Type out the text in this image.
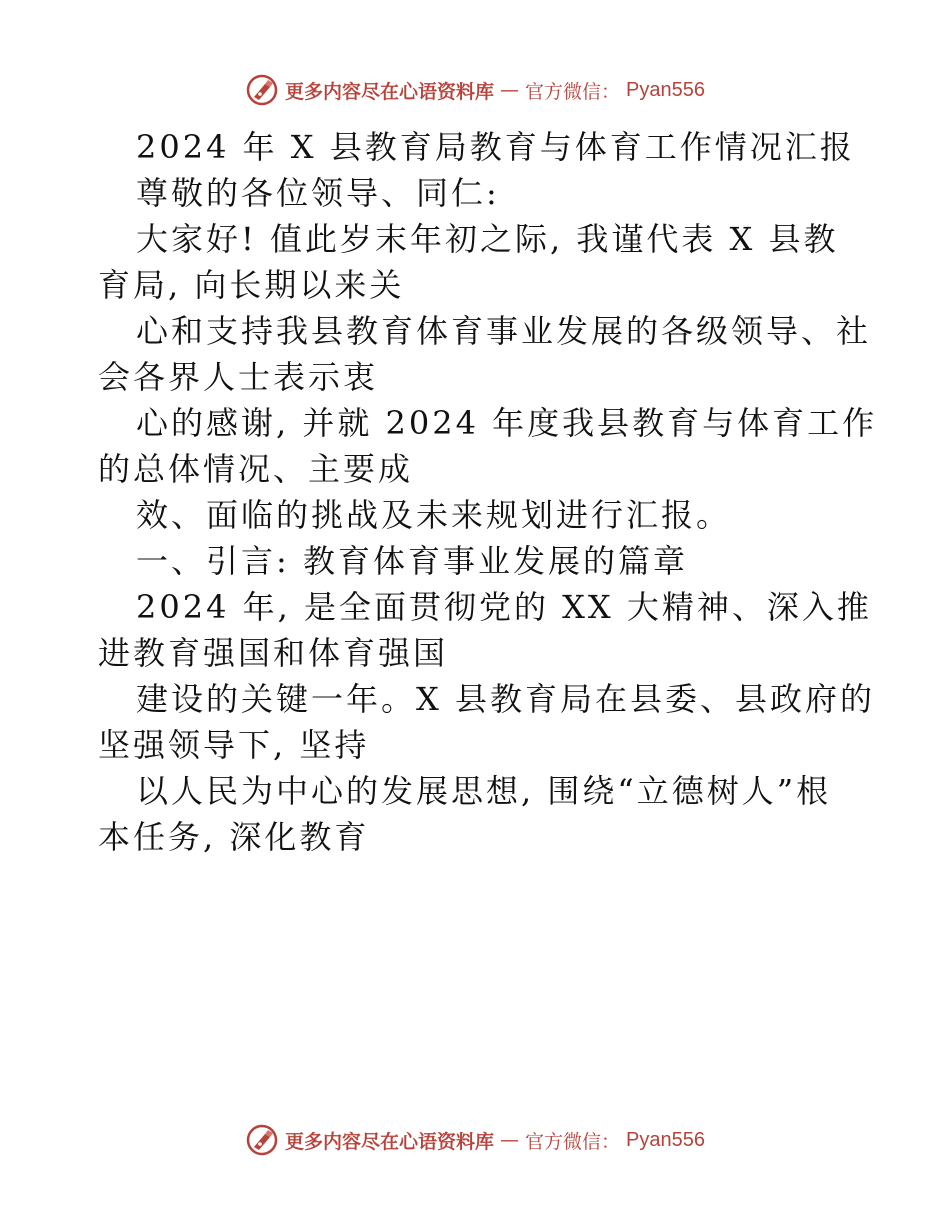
更多内容尽在心语资料库 — 官方微信： Pyan556

2024 年 X 县教育局教育与体育工作情况汇报

尊敬的各位领导、同仁:

大家好! 值此岁末年初之际, 我谨代表 X 县教

育局, 向长期以来关

心和支持我县教育体育事业发展的各级领导、社

会各界人士表示衷

心的感谢, 并就 2024 年度我县教育与体育工作

的总体情况、主要成

效、面临的挑战及未来规划进行汇报。

一、引言: 教育体育事业发展的篇章

2024 年, 是全面贯彻党的 XX 大精神、深入推

进教育强国和体育强国

建设的关键一年。X 县教育局在县委、县政府的

坚强领导下, 坚持

以人民为中心的发展思想, 围绕“立德树人”根

本任务, 深化教育

更多内容尽在心语资料库 — 官方微信： Pyan556
